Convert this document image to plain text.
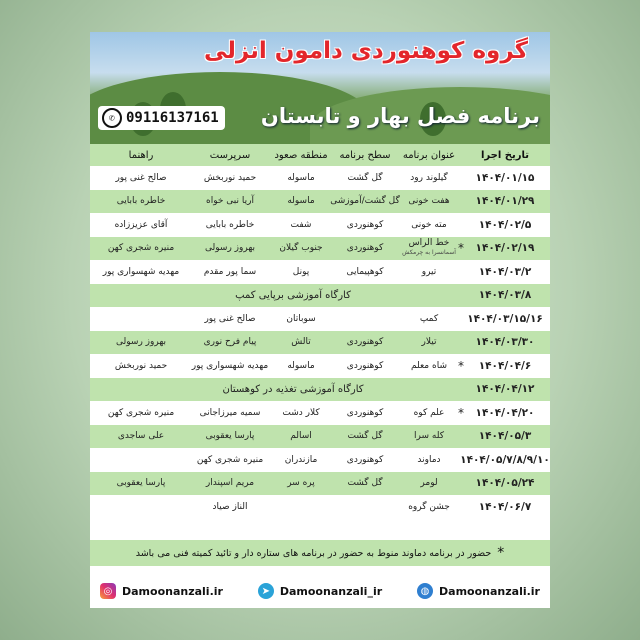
گروه کوهنوردی دامون انزلی
برنامه فصل بهار و تابستان
✆ 09116137161
تاریخ اجرا
عنوان برنامه
سطح برنامه
منطقه صعود
سرپرست
راهنما
۱۴۰۴/۰۱/۱۵
گیلوند رود
گل گشت
ماسوله
حمید نوربخش
صالح غنی پور
۱۴۰۴/۰۱/۲۹
هفت خونی
گل گشت/آموزشی
ماسوله
آریا نبی خواه
خاطره بابایی
۱۴۰۴/۰۲/۵
مته خونی
کوهنوردی
شفت
خاطره بابایی
آقای عزیززاده
۱۴۰۴/۰۲/۱۹
*
خط الراس
آسمانسرا به چرمکش
کوهنوردی
جنوب گیلان
بهروز رسولی
منیره شجری کهن
۱۴۰۴/۰۳/۲
تیرو
کوهپیمایی
پونل
سما پور مقدم
مهدیه شهسواری پور
۱۴۰۴/۰۳/۸
کارگاه آموزشی برپایی کمپ
۱۴۰۴/۰۳/۱۵/۱۶
کمپ
سوباتان
صالح غنی پور
۱۴۰۴/۰۳/۳۰
تیلار
کوهنوردی
تالش
پیام فرح نوری
بهروز رسولی
۱۴۰۴/۰۴/۶
*
شاه معلم
کوهنوردی
ماسوله
مهدیه شهسواری پور
حمید نوربخش
۱۴۰۴/۰۴/۱۲
کارگاه آموزشی تغذیه در کوهستان
۱۴۰۴/۰۴/۲۰
*
علم کوه
کوهنوردی
کلار دشت
سمیه میرزاجانی
منیره شجری کهن
۱۴۰۴/۰۵/۳
کله سرا
گل گشت
اسالم
پارسا یعقوبی
علی ساجدی
۱۴۰۴/۰۵/۷/۸/۹/۱۰
دماوند
کوهنوردی
مازندران
منیره شجری کهن
۱۴۰۴/۰۵/۲۴
لومر
گل گشت
پره سر
مریم اسپندار
پارسا یعقوبی
۱۴۰۴/۰۶/۷
جشن گروه
الناز صیاد
*
حضور در برنامه دماوند منوط به حضور در برنامه های ستاره دار و تائید کمیته فنی می باشد
◎ Damoonanzali.ir	➤ Damoonanzali_ir	◍ Damoonanzali.ir
